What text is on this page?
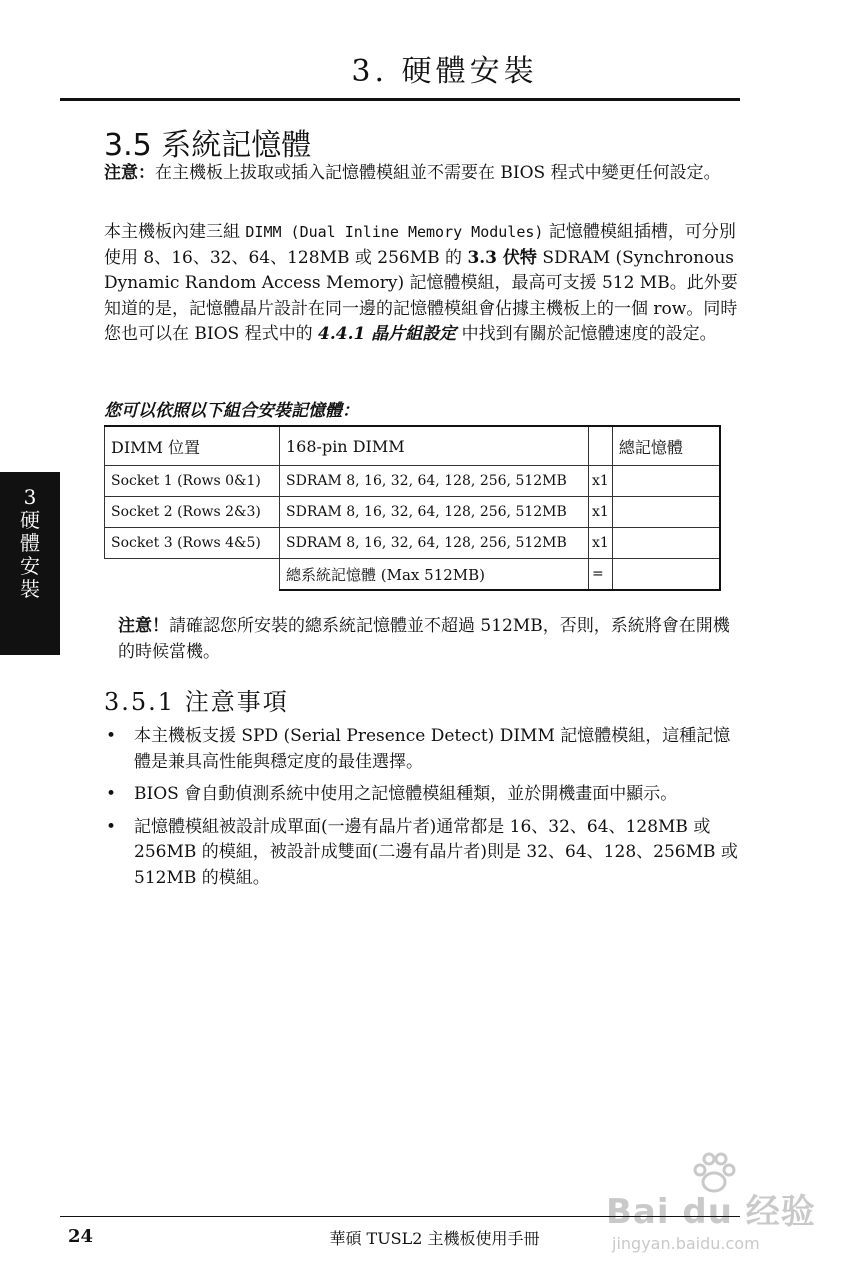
3. 硬體安裝
3
硬
體
安
裝
3.5 系統記憶體

注意：在主機板上拔取或插入記憶體模組並不需要在 BIOS 程式中變更任何設定。

本主機板內建三組 DIMM (Dual Inline Memory Modules) 記憶體模組插槽，可分別使用 8、16、32、64、128MB 或 256MB 的 3.3 伏特 SDRAM (Synchronous Dynamic Random Access Memory) 記憶體模組，最高可支援 512 MB。此外要知道的是，記憶體晶片設計在同一邊的記憶體模組會佔據主機板上的一個 row。同時您也可以在 BIOS 程式中的 4.4.1 晶片組設定 中找到有關於記憶體速度的設定。

您可以依照以下組合安裝記憶體：
DIMM 位置	168-pin DIMM		總記憶體
Socket 1 (Rows 0&1)	SDRAM 8, 16, 32, 64, 128, 256, 512MB	x1	
Socket 2 (Rows 2&3)	SDRAM 8, 16, 32, 64, 128, 256, 512MB	x1	
Socket 3 (Rows 4&5)	SDRAM 8, 16, 32, 64, 128, 256, 512MB	x1	
	總系統記憶體 (Max 512MB)	=	

注意！請確認您所安裝的總系統記憶體並不超過 512MB，否則，系統將會在開機的時候當機。

3.5.1 注意事項
• 本主機板支援 SPD (Serial Presence Detect) DIMM 記憶體模組，這種記憶體是兼具高性能與穩定度的最佳選擇。
• BIOS 會自動偵測系統中使用之記憶體模組種類，並於開機畫面中顯示。
• 記憶體模組被設計成單面(一邊有晶片者)通常都是 16、32、64、128MB 或 256MB 的模組，被設計成雙面(二邊有晶片者)則是 32、64、128、256MB 或 512MB 的模組。
Bai du 经验
jingyan.baidu.com
24	華碩 TUSL2 主機板使用手冊
